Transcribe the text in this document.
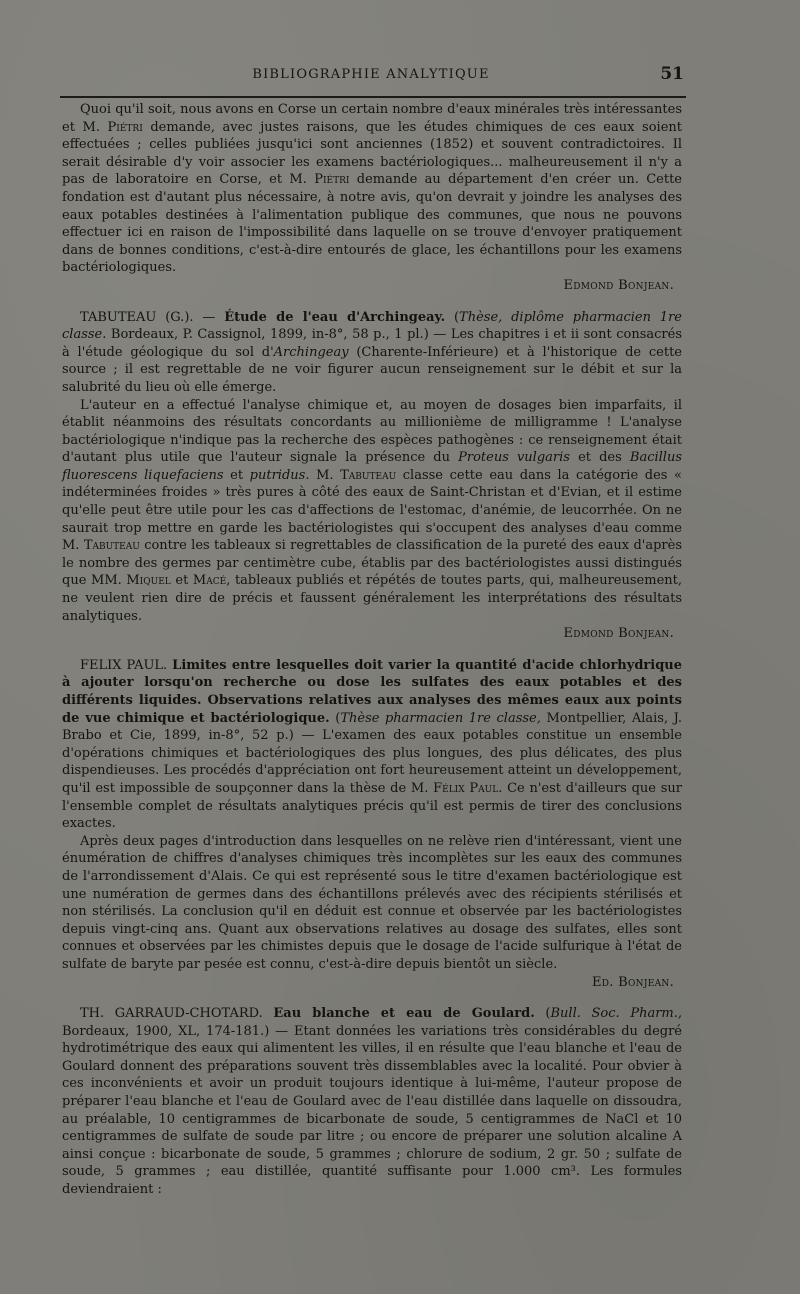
BIBLIOGRAPHIE ANALYTIQUE	51

Quoi qu'il soit, nous avons en Corse un certain nombre d'eaux minérales très intéressantes et M. Piétri demande, avec justes raisons, que les études chimiques de ces eaux soient effectuées ; celles publiées jusqu'ici sont anciennes (1852) et souvent contradictoires. Il serait désirable d'y voir associer les examens bactériologiques... malheureusement il n'y a pas de laboratoire en Corse, et M. Piétri demande au département d'en créer un. Cette fondation est d'autant plus nécessaire, à notre avis, qu'on devrait y joindre les analyses des eaux potables destinées à l'alimentation publique des communes, que nous ne pouvons effectuer ici en raison de l'impossibilité dans laquelle on se trouve d'envoyer pratiquement dans de bonnes conditions, c'est-à-dire entourés de glace, les échantillons pour les examens bactériologiques.
Edmond Bonjean.

TABUTEAU (G.). — Étude de l'eau d'Archingeay. (Thèse, diplôme pharmacien 1re classe. Bordeaux, P. Cassignol, 1899, in-8°, 58 p., 1 pl.) — Les chapitres i et ii sont consacrés à l'étude géologique du sol d'Archingeay (Charente-Inférieure) et à l'historique de cette source ; il est regrettable de ne voir figurer aucun renseignement sur le débit et sur la salubrité du lieu où elle émerge.

L'auteur en a effectué l'analyse chimique et, au moyen de dosages bien imparfaits, il établit néanmoins des résultats concordants au millionième de milligramme ! L'analyse bactériologique n'indique pas la recherche des espèces pathogènes : ce renseignement était d'autant plus utile que l'auteur signale la présence du Proteus vulgaris et des Bacillus fluorescens liquefaciens et putridus. M. Tabuteau classe cette eau dans la catégorie des « indéterminées froides » très pures à côté des eaux de Saint-Christan et d'Evian, et il estime qu'elle peut être utile pour les cas d'affections de l'estomac, d'anémie, de leucorrhée. On ne saurait trop mettre en garde les bactériologistes qui s'occupent des analyses d'eau comme M. Tabuteau contre les tableaux si regrettables de classification de la pureté des eaux d'après le nombre des germes par centimètre cube, établis par des bactériologistes aussi distingués que MM. Miquel et Macé, tableaux publiés et répétés de toutes parts, qui, malheureusement, ne veulent rien dire de précis et faussent généralement les interprétations des résultats analytiques.
Edmond Bonjean.

FELIX PAUL. Limites entre lesquelles doit varier la quantité d'acide chlorhydrique à ajouter lorsqu'on recherche ou dose les sulfates des eaux potables et des différents liquides. Observations relatives aux analyses des mêmes eaux aux points de vue chimique et bactériologique. (Thèse pharmacien 1re classe, Montpellier, Alais, J. Brabo et Cie, 1899, in-8°, 52 p.) — L'examen des eaux potables constitue un ensemble d'opérations chimiques et bactériologiques des plus longues, des plus délicates, des plus dispendieuses. Les procédés d'appréciation ont fort heureusement atteint un développement, qu'il est impossible de soupçonner dans la thèse de M. Félix Paul. Ce n'est d'ailleurs que sur l'ensemble complet de résultats analytiques précis qu'il est permis de tirer des conclusions exactes.

Après deux pages d'introduction dans lesquelles on ne relève rien d'intéressant, vient une énumération de chiffres d'analyses chimiques très incomplètes sur les eaux des communes de l'arrondissement d'Alais. Ce qui est représenté sous le titre d'examen bactériologique est une numération de germes dans des échantillons prélevés avec des récipients stérilisés et non stérilisés. La conclusion qu'il en déduit est connue et observée par les bactériologistes depuis vingt-cinq ans. Quant aux observations relatives au dosage des sulfates, elles sont connues et observées par les chimistes depuis que le dosage de l'acide sulfurique à l'état de sulfate de baryte par pesée est connu, c'est-à-dire depuis bientôt un siècle.
Ed. Bonjean.

TH. GARRAUD-CHOTARD. Eau blanche et eau de Goulard. (Bull. Soc. Pharm., Bordeaux, 1900, XL, 174-181.) — Etant données les variations très considérables du degré hydrotimétrique des eaux qui alimentent les villes, il en résulte que l'eau blanche et l'eau de Goulard donnent des préparations souvent très dissemblables avec la localité. Pour obvier à ces inconvénients et avoir un produit toujours identique à lui-même, l'auteur propose de préparer l'eau blanche et l'eau de Goulard avec de l'eau distillée dans laquelle on dissoudra, au préalable, 10 centigrammes de bicarbonate de soude, 5 centigrammes de NaCl et 10 centigrammes de sulfate de soude par litre ; ou encore de préparer une solution alcaline A ainsi conçue : bicarbonate de soude, 5 grammes ; chlorure de sodium, 2 gr. 50 ; sulfate de soude, 5 grammes ; eau distillée, quantité suffisante pour 1.000 cm³. Les formules deviendraient :
